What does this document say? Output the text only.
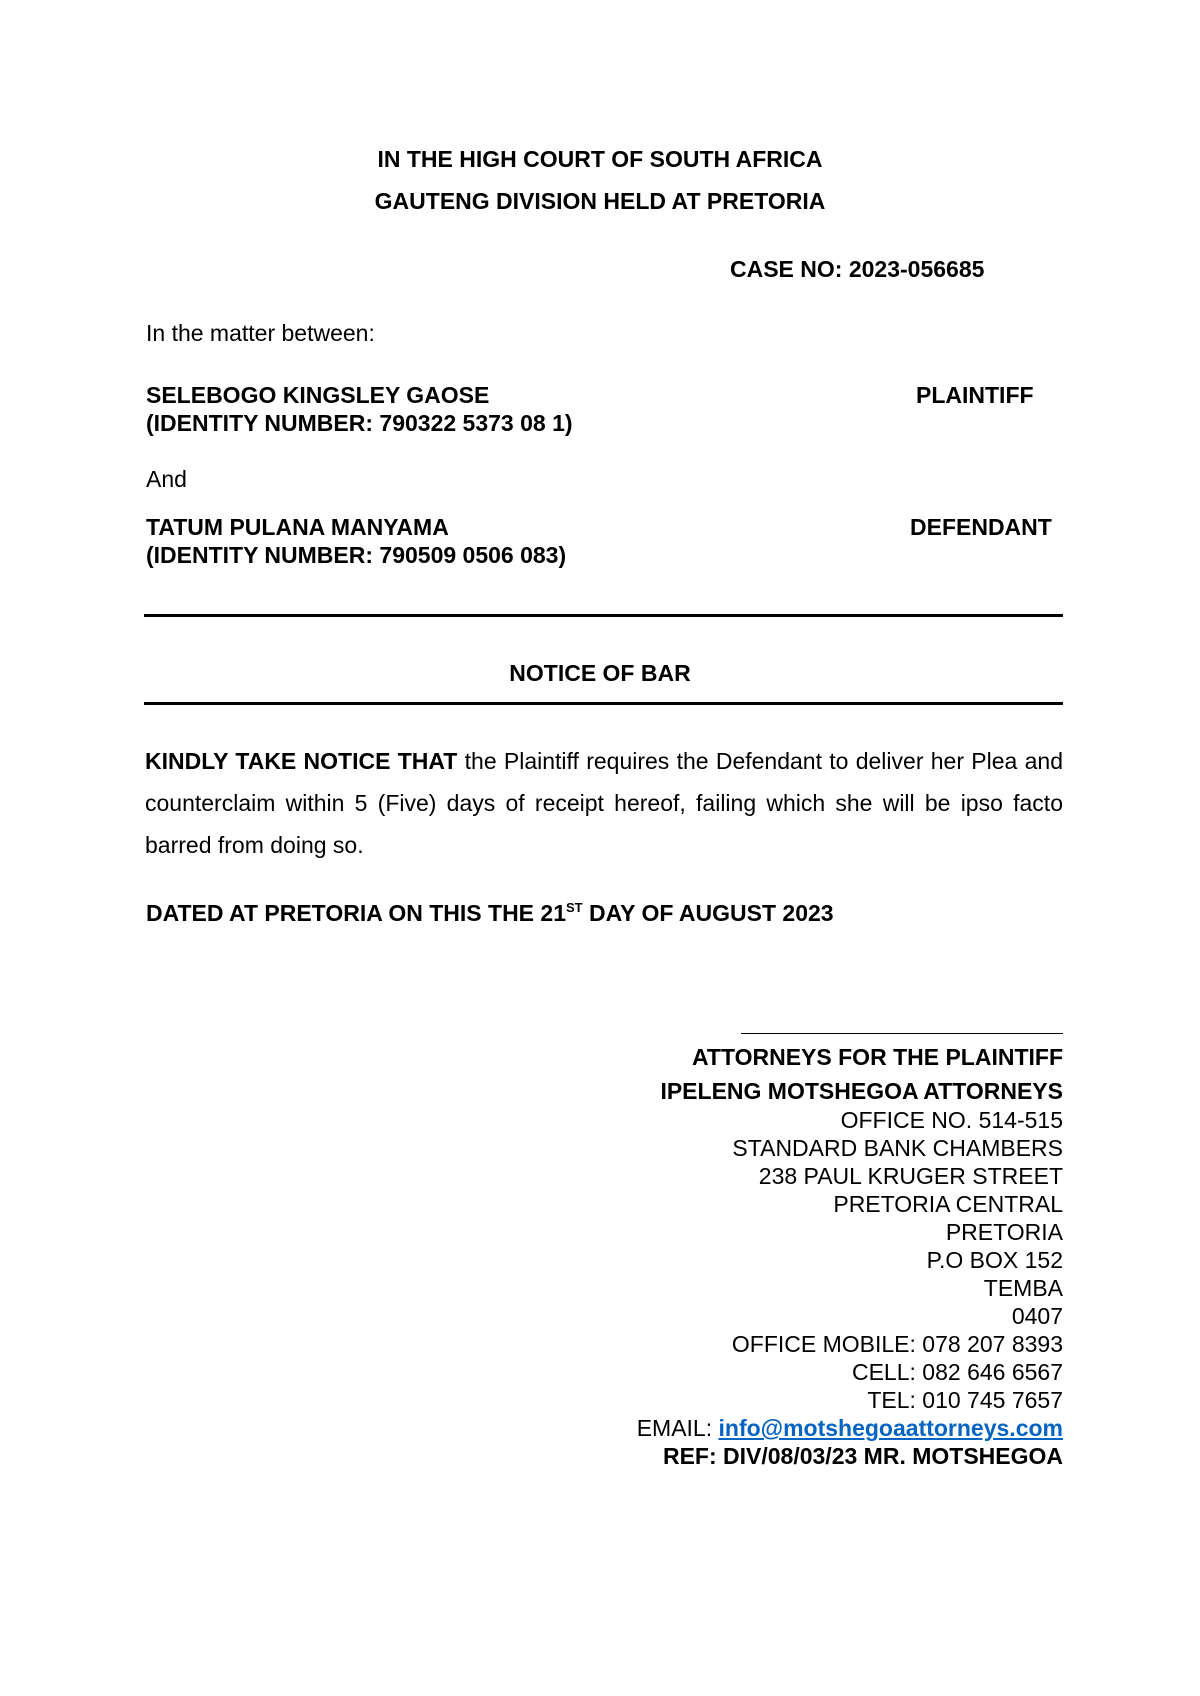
IN THE HIGH COURT OF SOUTH AFRICA
GAUTENG DIVISION HELD AT PRETORIA
CASE NO: 2023-056685
In the matter between:
SELEBOGO KINGSLEY GAOSE
(IDENTITY NUMBER: 790322 5373 08 1)
PLAINTIFF
And
TATUM PULANA MANYAMA
(IDENTITY NUMBER: 790509 0506 083)
DEFENDANT
NOTICE OF BAR
KINDLY TAKE NOTICE THAT the Plaintiff requires the Defendant to deliver her Plea and counterclaim within 5 (Five) days of receipt hereof, failing which she will be ipso facto barred from doing so.
DATED AT PRETORIA ON THIS THE 21ST DAY OF AUGUST 2023
ATTORNEYS FOR THE PLAINTIFF
IPELENG MOTSHEGOA ATTORNEYS
OFFICE NO. 514-515
STANDARD BANK CHAMBERS
238 PAUL KRUGER STREET
PRETORIA CENTRAL
PRETORIA
P.O BOX 152
TEMBA
0407
OFFICE MOBILE: 078 207 8393
CELL: 082 646 6567
TEL: 010 745 7657
EMAIL: info@motshegoaattorneys.com
REF: DIV/08/03/23 MR. MOTSHEGOA
